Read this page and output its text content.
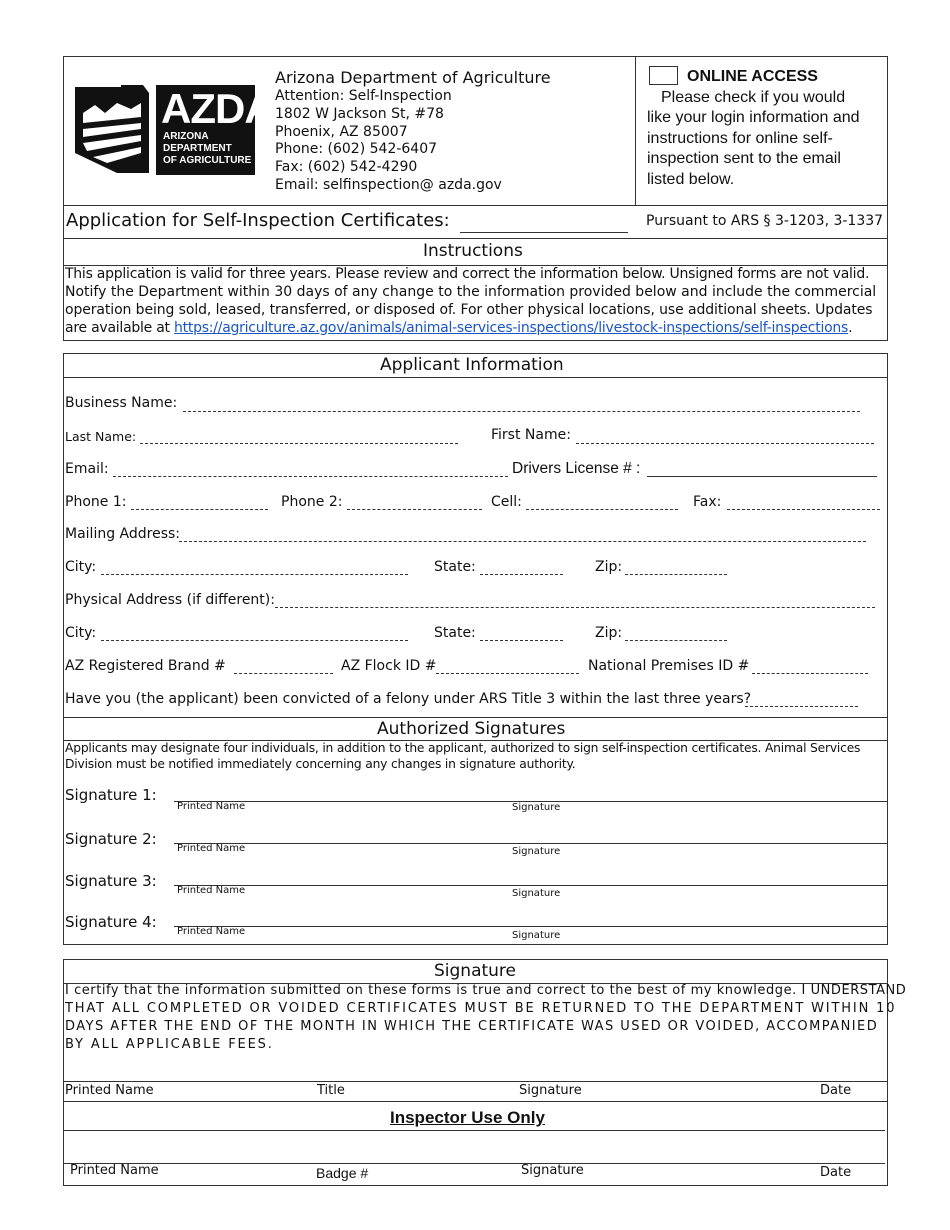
AZDA
ARIZONA
DEPARTMENT
OF AGRICULTURE
Arizona Department of Agriculture
Attention: Self-Inspection
1802 W Jackson St, #78
Phoenix, AZ 85007
Phone: (602) 542-6407
Fax: (602) 542-4290
Email: selfinspection@ azda.gov
ONLINE ACCESS
Please check if you would
like your login information and
instructions for online self-
inspection sent to the email
listed below.
Application for Self-Inspection Certificates:	Pursuant to ARS § 3-1203, 3-1337
Instructions
This application is valid for three years. Please review and correct the information below. Unsigned forms are not valid.
Notify the Department within 30 days of any change to the information provided below and include the commercial
operation being sold, leased, transferred, or disposed of. For other physical locations, use additional sheets. Updates
are available at https://agriculture.az.gov/animals/animal-services-inspections/livestock-inspections/self-inspections.
Applicant Information
Business Name:
Last Name:	First Name:
Email:	Drivers License # :
Phone 1:	Phone 2:	Cell:	Fax:
Mailing Address:
City:	State:	Zip:
Physical Address (if different):
City:	State:	Zip:
AZ Registered Brand #	AZ Flock ID #	National Premises ID #
Have you (the applicant) been convicted of a felony under ARS Title 3 within the last three years?
Authorized Signatures
Applicants may designate four individuals, in addition to the applicant, authorized to sign self-inspection certificates. Animal Services
Division must be notified immediately concerning any changes in signature authority.
Signature 1:
Printed Name	Signature
Signature 2:
Printed Name	Signature
Signature 3:
Printed Name	Signature
Signature 4:
Printed Name	Signature
Signature
I certify that the information submitted on these forms is true and correct to the best of my knowledge. I UNDERSTAND
THAT ALL COMPLETED OR VOIDED CERTIFICATES MUST BE RETURNED TO THE DEPARTMENT WITHIN 10
DAYS AFTER THE END OF THE MONTH IN WHICH THE CERTIFICATE WAS USED OR VOIDED, ACCOMPANIED
BY ALL APPLICABLE FEES.
Printed Name	Title	Signature	Date
Inspector Use Only
Printed Name	Badge #	Signature	Date
